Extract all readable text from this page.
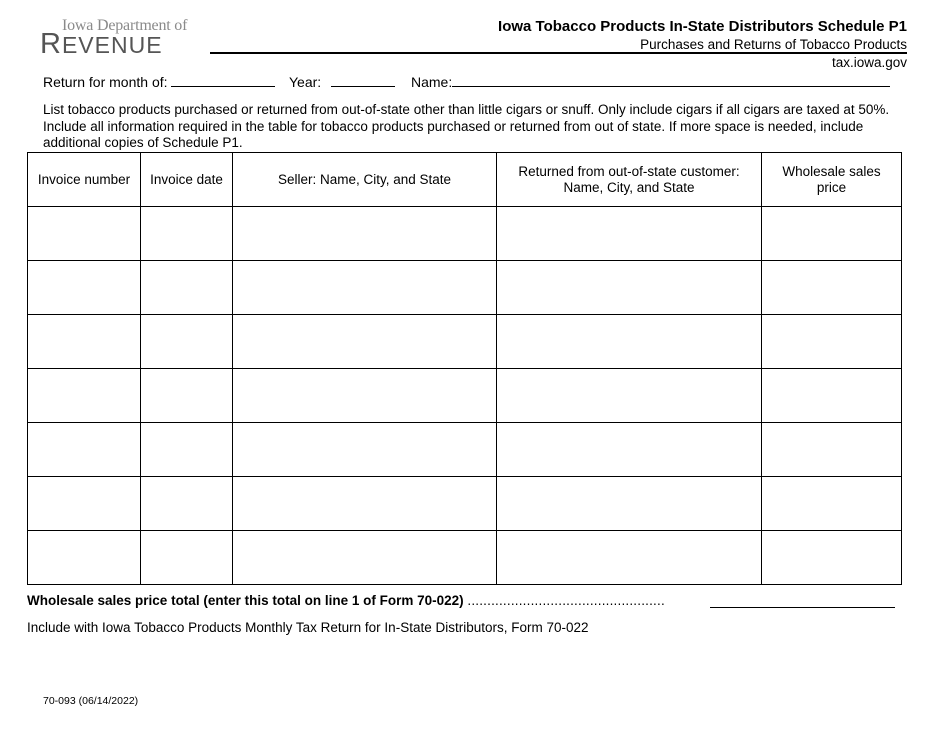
Iowa Department of
REVENUE
Iowa Tobacco Products In-State Distributors Schedule P1
Purchases and Returns of Tobacco Products
tax.iowa.gov
Return for month of:	Year:	Name:
List tobacco products purchased or returned from out-of-state other than little cigars or snuff. Only include cigars if all cigars are taxed at 50%. Include all information required in the table for tobacco products purchased or returned from out of state. If more space is needed, include additional copies of Schedule P1.
Invoice number	Invoice date	Seller: Name, City, and State	Returned from out-of-state customer: Name, City, and State	Wholesale sales price

Wholesale sales price total (enter this total on line 1 of Form 70-022) ..................................................
Include with Iowa Tobacco Products Monthly Tax Return for In-State Distributors, Form 70-022
70-093 (06/14/2022)
